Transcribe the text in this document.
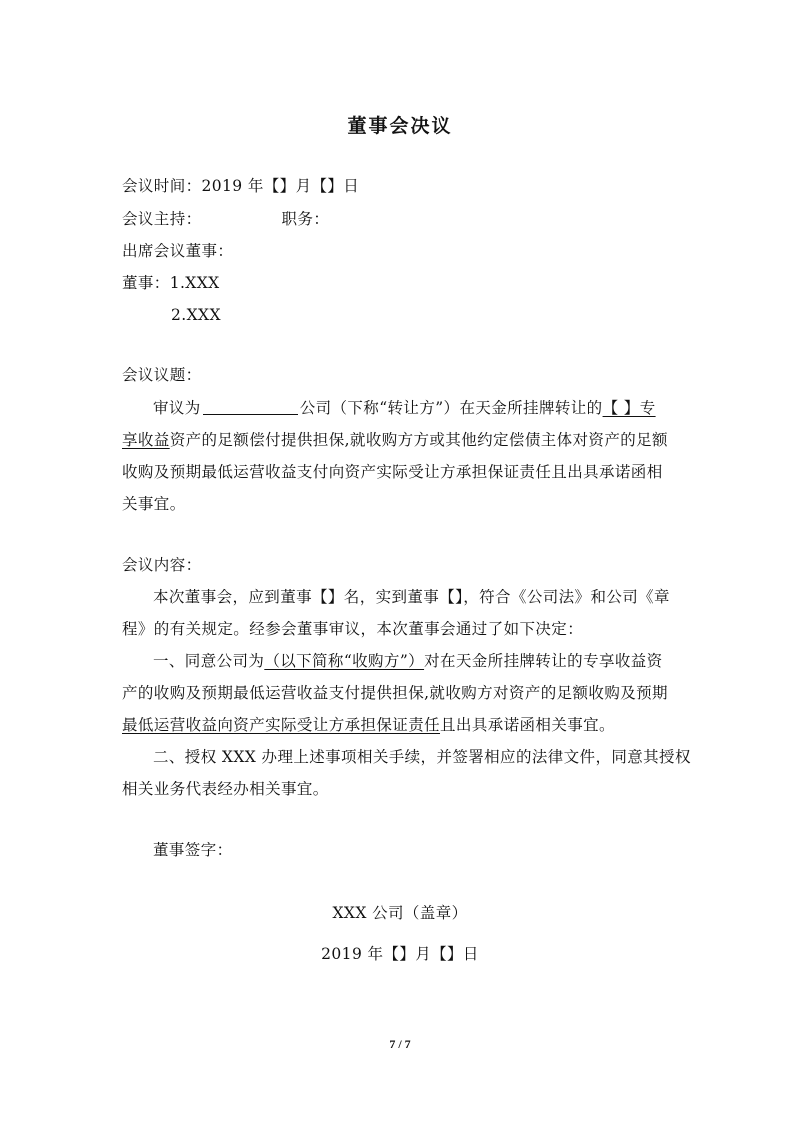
董事会决议
会议时间：2019 年【】月【】日
会议主持：	职务：
出席会议董事：
董事：1.XXX
2.XXX
会议议题：
审议为	公司（下称“转让方”）在天金所挂牌转让的【 】专
享收益资产的足额偿付提供担保,就收购方方或其他约定偿债主体对资产的足额
收购及预期最低运营收益支付向资产实际受让方承担保证责任且出具承诺函相
关事宜。
会议内容：
本次董事会，应到董事【】名，实到董事【】，符合《公司法》和公司《章
程》的有关规定。经参会董事审议，本次董事会通过了如下决定：
一、同意公司为（以下简称“收购方”）对在天金所挂牌转让的专享收益资
产的收购及预期最低运营收益支付提供担保,就收购方对资产的足额收购及预期
最低运营收益向资产实际受让方承担保证责任且出具承诺函相关事宜。
二、授权 XXX 办理上述事项相关手续，并签署相应的法律文件，同意其授权
相关业务代表经办相关事宜。
董事签字：
XXX 公司（盖章）
2019 年【】月【】日
7 / 7
